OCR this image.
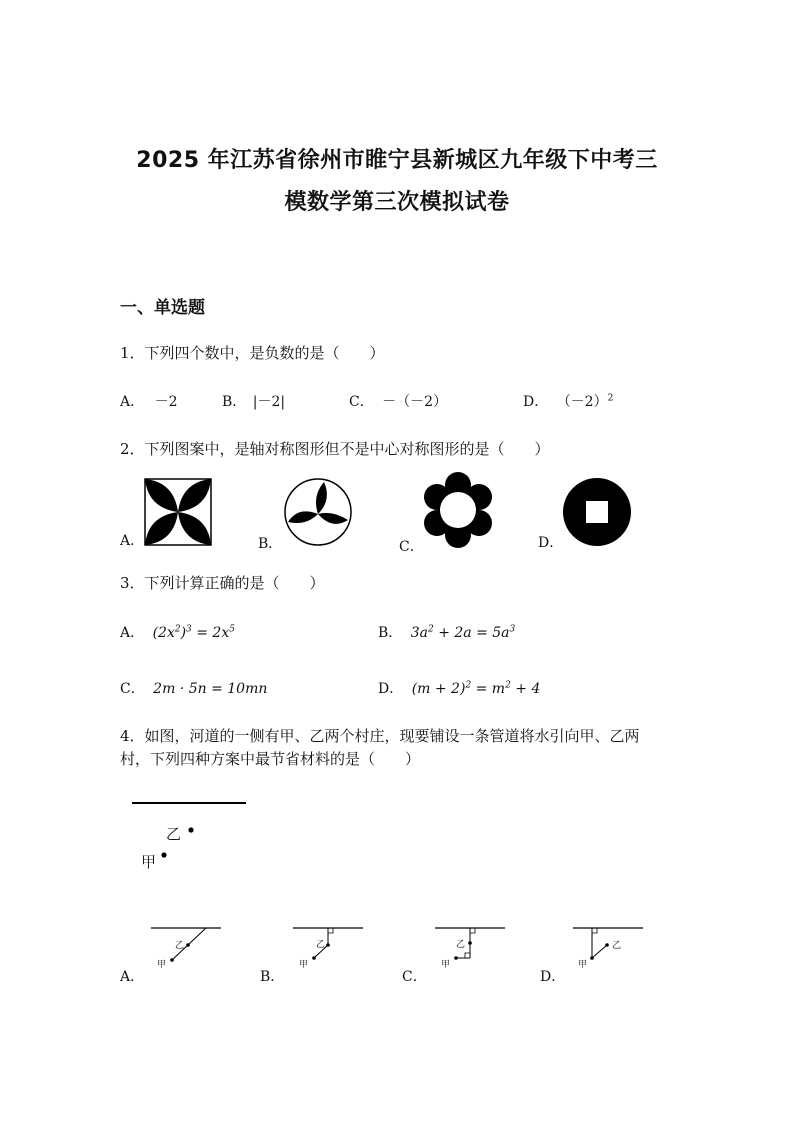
2025 年江苏省徐州市睢宁县新城区九年级下中考三
模数学第三次模拟试卷
一、单选题
1．下列四个数中，是负数的是（　　）
A． －2	B． |－2|	C． －（－2）	D． $(-2)^2$
2．下列图案中，是轴对称图形但不是中心对称图形的是（　　）
A．	B．	C．	D．
3．下列计算正确的是（　　）
A． $(2x^2)^3 = 2x^5$	B． $3a^2 + 2a = 5a^3$
C． 2m · 5n = 10mn	D． $(m + 2)^2 = m^2 + 4$
4．如图，河道的一侧有甲、乙两个村庄，现要铺设一条管道将水引向甲、乙两
村，下列四种方案中最节省材料的是（　　）
乙
甲
乙
甲
A．
乙
甲
B．
乙
甲
C．
乙
甲
D．
